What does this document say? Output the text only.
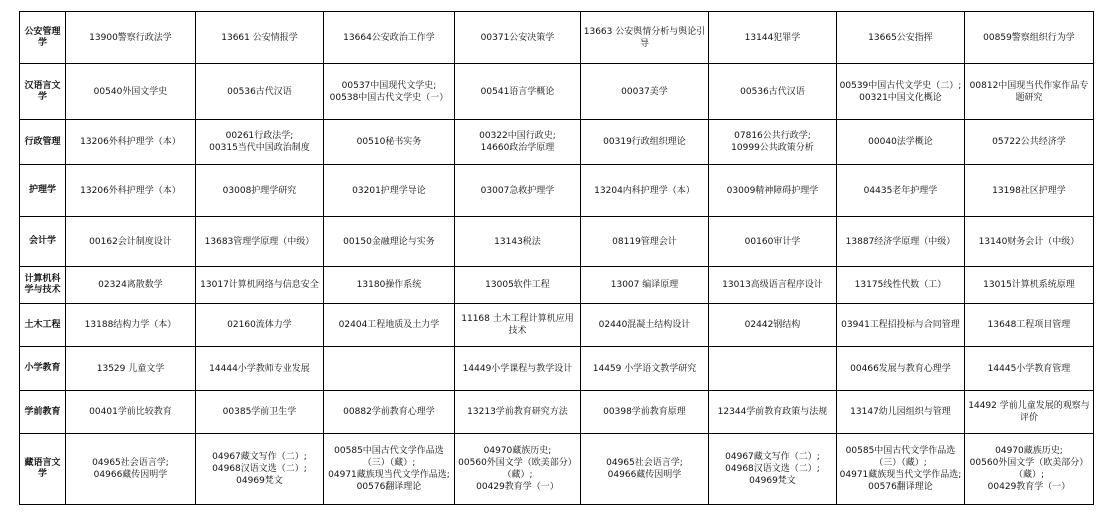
公安管理学	13900警察行政法学	13661 公安情报学	13664公安政治工作学	00371公安决策学	13663 公安舆情分析与舆论引导	13144犯罪学	13665公安指挥	00859警察组织行为学

汉语言文学	00540外国文学史	00536古代汉语	00537中国现代文学史;
00538中国古代文学史（一）	00541语言学概论	00037美学	00536古代汉语	00539中国古代文学史（二）;
00321中国文化概论	00812中国现当代作家作品专题研究

行政管理	13206外科护理学（本）	00261行政法学;
00315当代中国政治制度	00510秘书实务	00322中国行政史;
14660政治学原理	00319行政组织理论	07816公共行政学;
10999公共政策分析	00040法学概论	05722公共经济学

护理学	13206外科护理学（本）	03008护理学研究	03201护理学导论	03007急救护理学	13204内科护理学（本）	03009精神障碍护理学	04435老年护理学	13198社区护理学

会计学	00162会计制度设计	13683管理学原理（中级）	00150金融理论与实务	13143税法	08119管理会计	00160审计学	13887经济学原理（中级）	13140财务会计（中级）

计算机科学与技术	02324离散数学	13017计算机网络与信息安全	13180操作系统	13005软件工程	13007 编译原理	13013高级语言程序设计	13175线性代数（工）	13015计算机系统原理

土木工程	13188结构力学（本）	02160流体力学	02404工程地质及土力学	11168 土木工程计算机应用技术	02440混凝土结构设计	02442钢结构	03941工程招投标与合同管理	13648工程项目管理

小学教育	13529 儿童文学	14444小学教师专业发展		14449小学课程与教学设计	14459 小学语文教学研究		00466发展与教育心理学	14445小学教育管理

学前教育	00401学前比较教育	00385学前卫生学	00882学前教育心理学	13213学前教育研究方法	00398学前教育原理	12344学前教育政策与法规	13147幼儿园组织与管理	14492 学前儿童发展的观察与评价

藏语言文学	04965社会语言学;
04966藏传因明学	04967藏文写作（二）;
04968汉语文选（二）;
04969梵文	00585中国古代文学作品选（三）（藏）;
04971藏族现当代文学作品选;
00576翻译理论	04970藏族历史;
00560外国文学（欧美部分）（藏）;
00429教育学（一）	04965社会语言学;
04966藏传因明学	04967藏文写作（二）;
04968汉语文选（二）;
04969梵文	00585中国古代文学作品选（三）（藏）;
04971藏族现当代文学作品选;
00576翻译理论	04970藏族历史;
00560外国文学（欧美部分）（藏）;
00429教育学（一）
